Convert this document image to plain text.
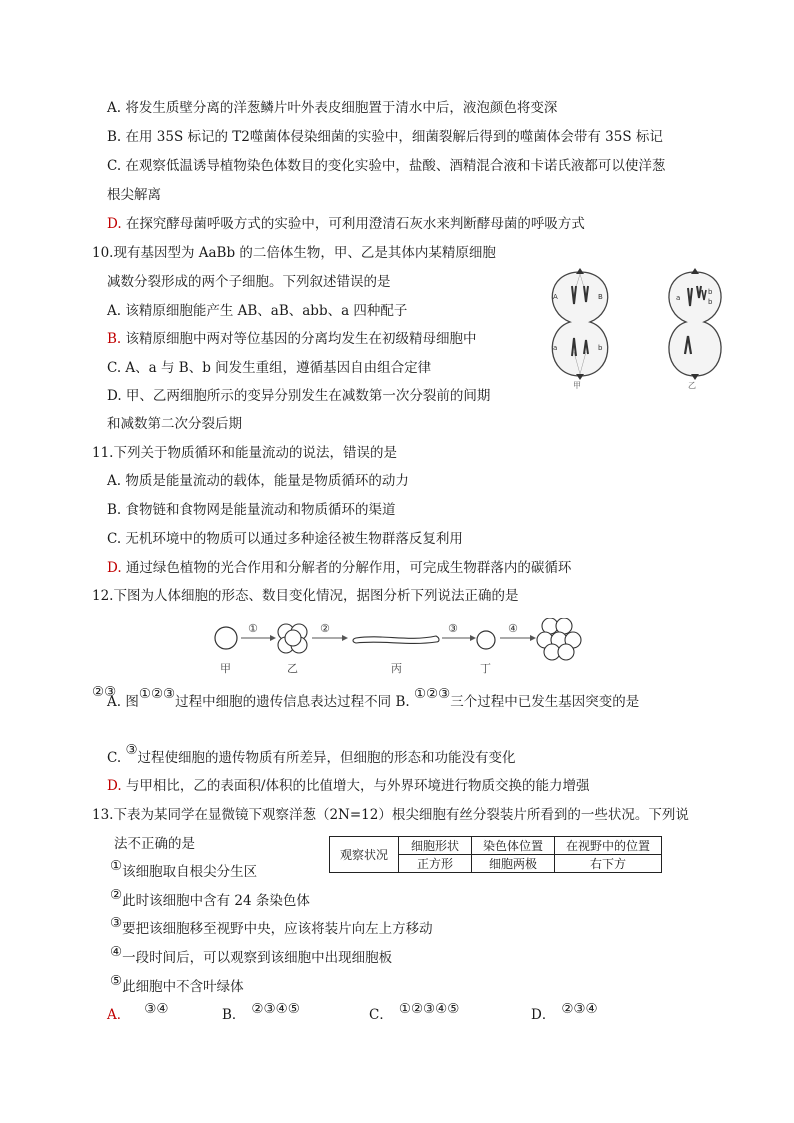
A. 将发生质壁分离的洋葱鳞片叶外表皮细胞置于清水中后，液泡颜色将变深
B. 在用 35S 标记的 T2噬菌体侵染细菌的实验中，细菌裂解后得到的噬菌体会带有 35S 标记
C. 在观察低温诱导植物染色体数目的变化实验中，盐酸、酒精混合液和卡诺氏液都可以使洋葱
根尖解离
D. 在探究酵母菌呼吸方式的实验中，可利用澄清石灰水来判断酵母菌的呼吸方式
10.现有基因型为 AaBb 的二倍体生物，甲、乙是其体内某精原细胞
减数分裂形成的两个子细胞。下列叙述错误的是
A. 该精原细胞能产生 AB、aB、abb、a 四种配子
B. 该精原细胞中两对等位基因的分离均发生在初级精母细胞中
C. A、a 与 B、b 间发生重组，遵循基因自由组合定律
D. 甲、乙两细胞所示的变异分别发生在减数第一次分裂前的间期
和减数第二次分裂后期
A	B
a	b
甲
a
b
b
乙
11.下列关于物质循环和能量流动的说法，错误的是
A. 物质是能量流动的载体，能量是物质循环的动力
B. 食物链和食物网是能量流动和物质循环的渠道
C. 无机环境中的物质可以通过多种途径被生物群落反复利用
D. 通过绿色植物的光合作用和分解者的分解作用，可完成生物群落内的碳循环
12.下图为人体细胞的形态、数目变化情况，据图分析下列说法正确的是
①	②	③	④
甲	乙	丙	丁
②③
A. 图①②③过程中细胞的遗传信息表达过程不同 B. ①②③三个过程中已发生基因突变的是
C. ③过程使细胞的遗传物质有所差异，但细胞的形态和功能没有变化
D. 与甲相比，乙的表面积/体积的比值增大，与外界环境进行物质交换的能力增强
13.下表为某同学在显微镜下观察洋葱（2N=12）根尖细胞有丝分裂装片所看到的一些状况。下列说
法不正确的是
观察状况	细胞形状	染色体位置	在视野中的位置
	正方形	细胞两极	右下方
①该细胞取自根尖分生区
②此时该细胞中含有 24 条染色体
③要把该细胞移至视野中央，应该将装片向左上方移动
④一段时间后，可以观察到该细胞中出现细胞板
⑤此细胞中不含叶绿体
A． ③④	B． ②③④⑤	C． ①②③④⑤	D． ②③④
